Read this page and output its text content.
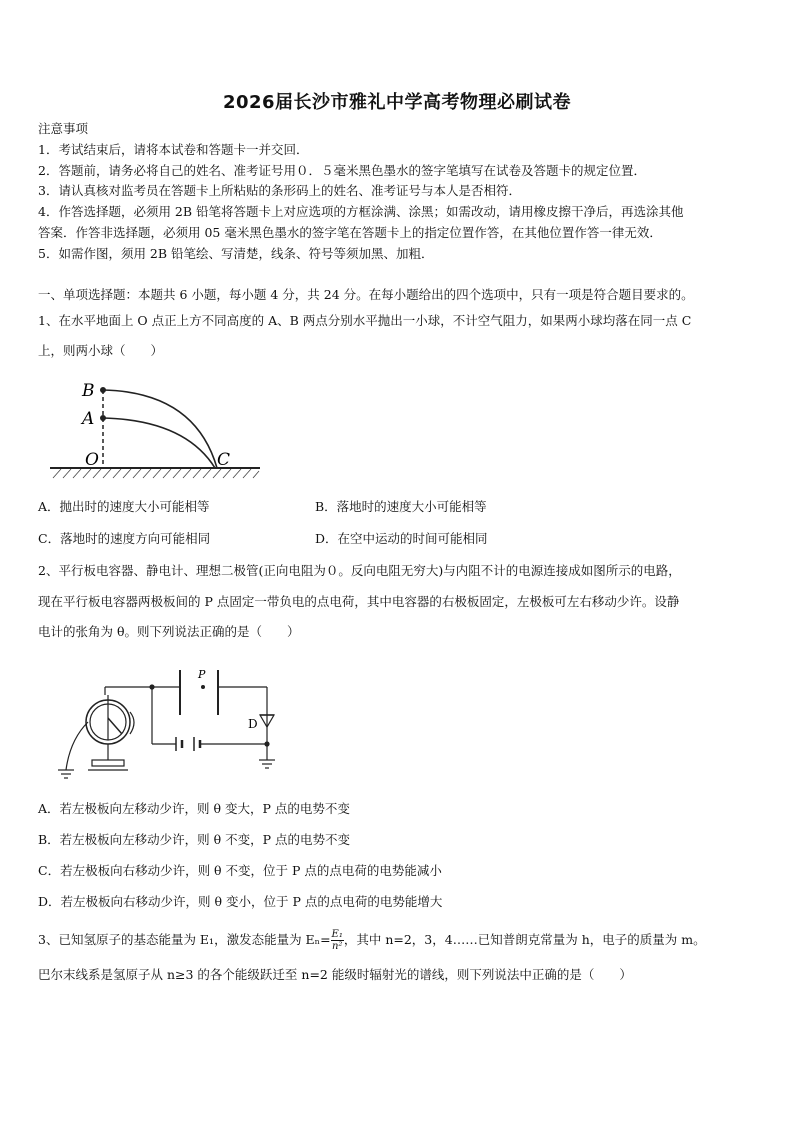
2026届长沙市雅礼中学高考物理必刷试卷
注意事项
1．考试结束后，请将本试卷和答题卡一并交回．
2．答题前，请务必将自己的姓名、准考证号用０．５毫米黑色墨水的签字笔填写在试卷及答题卡的规定位置．
3．请认真核对监考员在答题卡上所粘贴的条形码上的姓名、准考证号与本人是否相符．
4．作答选择题，必须用 2B 铅笔将答题卡上对应选项的方框涂满、涂黑；如需改动，请用橡皮擦干净后，再选涂其他
答案．作答非选择题，必须用 05 毫米黑色墨水的签字笔在答题卡上的指定位置作答，在其他位置作答一律无效．
5．如需作图，须用 2B 铅笔绘、写清楚，线条、符号等须加黑、加粗．
一、单项选择题：本题共 6 小题，每小题 4 分，共 24 分。在每小题给出的四个选项中，只有一项是符合题目要求的。
1、在水平地面上 O 点正上方不同高度的 A、B 两点分别水平抛出一小球，不计空气阻力，如果两小球均落在同一点 C
上，则两小球（　　）
B
A
O	C
A．抛出时的速度大小可能相等	B．落地时的速度大小可能相等
C．落地时的速度方向可能相同	D．在空中运动的时间可能相同
2、平行板电容器、静电计、理想二极管(正向电阻为０。反向电阻无穷大)与内阻不计的电源连接成如图所示的电路，
现在平行板电容器两极板间的 P 点固定一带负电的点电荷，其中电容器的右极板固定，左极板可左右移动少许。设静
电计的张角为 θ。则下列说法正确的是（　　）
P
D
A．若左极板向左移动少许，则 θ 变大，P 点的电势不变
B．若左极板向左移动少许，则 θ 不变，P 点的电势不变
C．若左极板向右移动少许，则 θ 不变，位于 P 点的点电荷的电势能减小
D．若左极板向右移动少许，则 θ 变小，位于 P 点的点电荷的电势能增大
3、已知氢原子的基态能量为 E₁，激发态能量为 $E_n= \frac{\text{E₁}}{\text{n²}}$ ，其中 n=2，3，4……已知普朗克常量为 h，电子的质量为 m。
巴尔末线系是氢原子从 n≥3 的各个能级跃迁至 n=2 能级时辐射光的谱线，则下列说法中正确的是（　　）
